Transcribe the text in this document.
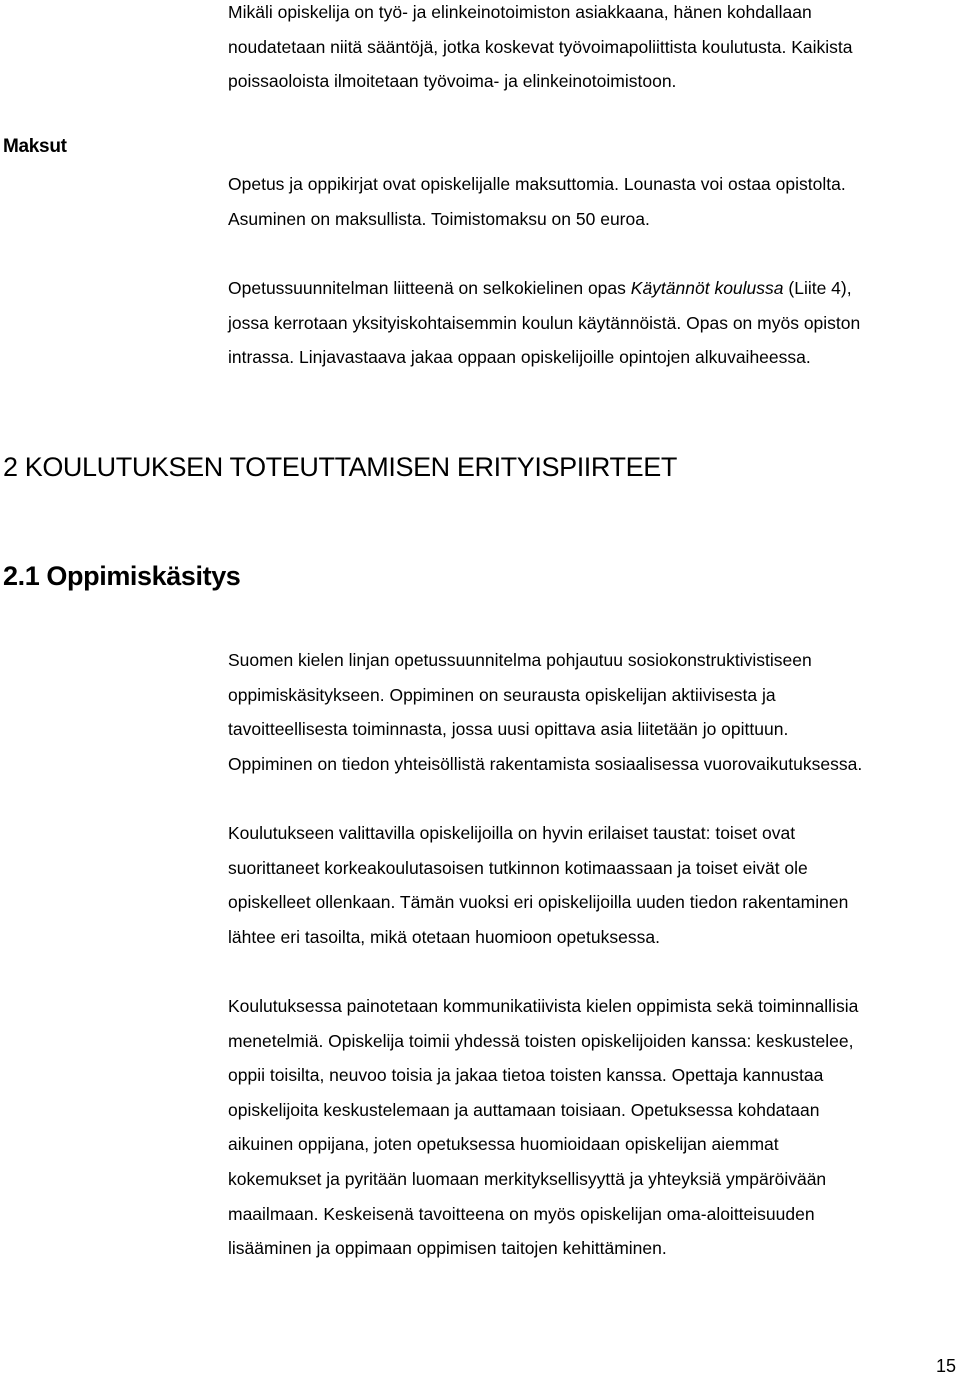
Mikäli opiskelija on työ- ja elinkeinotoimiston asiakkaana, hänen kohdallaan
noudatetaan niitä sääntöjä, jotka koskevat työvoimapoliittista koulutusta. Kaikista
poissaoloista ilmoitetaan työvoima- ja elinkeinotoimistoon.
Maksut
Opetus ja oppikirjat ovat opiskelijalle maksuttomia. Lounasta voi ostaa opistolta.
Asuminen on maksullista. Toimistomaksu on 50 euroa.
Opetussuunnitelman liitteenä on selkokielinen opas Käytännöt koulussa (Liite 4),
jossa kerrotaan yksityiskohtaisemmin koulun käytännöistä. Opas on myös opiston
intrassa. Linjavastaava jakaa oppaan opiskelijoille opintojen alkuvaiheessa.
2 KOULUTUKSEN TOTEUTTAMISEN ERITYISPIIRTEET
2.1 Oppimiskäsitys
Suomen kielen linjan opetussuunnitelma pohjautuu sosiokonstruktivistiseen
oppimiskäsitykseen. Oppiminen on seurausta opiskelijan aktiivisesta ja
tavoitteellisesta toiminnasta, jossa uusi opittava asia liitetään jo opittuun.
Oppiminen on tiedon yhteisöllistä rakentamista sosiaalisessa vuorovaikutuksessa.
Koulutukseen valittavilla opiskelijoilla on hyvin erilaiset taustat: toiset ovat
suorittaneet korkeakoulutasoisen tutkinnon kotimaassaan ja toiset eivät ole
opiskelleet ollenkaan. Tämän vuoksi eri opiskelijoilla uuden tiedon rakentaminen
lähtee eri tasoilta, mikä otetaan huomioon opetuksessa.
Koulutuksessa painotetaan kommunikatiivista kielen oppimista sekä toiminnallisia
menetelmiä. Opiskelija toimii yhdessä toisten opiskelijoiden kanssa: keskustelee,
oppii toisilta, neuvoo toisia ja jakaa tietoa toisten kanssa. Opettaja kannustaa
opiskelijoita keskustelemaan ja auttamaan toisiaan. Opetuksessa kohdataan
aikuinen oppijana, joten opetuksessa huomioidaan opiskelijan aiemmat
kokemukset ja pyritään luomaan merkityksellisyyttä ja yhteyksiä ympäröivään
maailmaan. Keskeisenä tavoitteena on myös opiskelijan oma-aloitteisuuden
lisääminen ja oppimaan oppimisen taitojen kehittäminen.
15
